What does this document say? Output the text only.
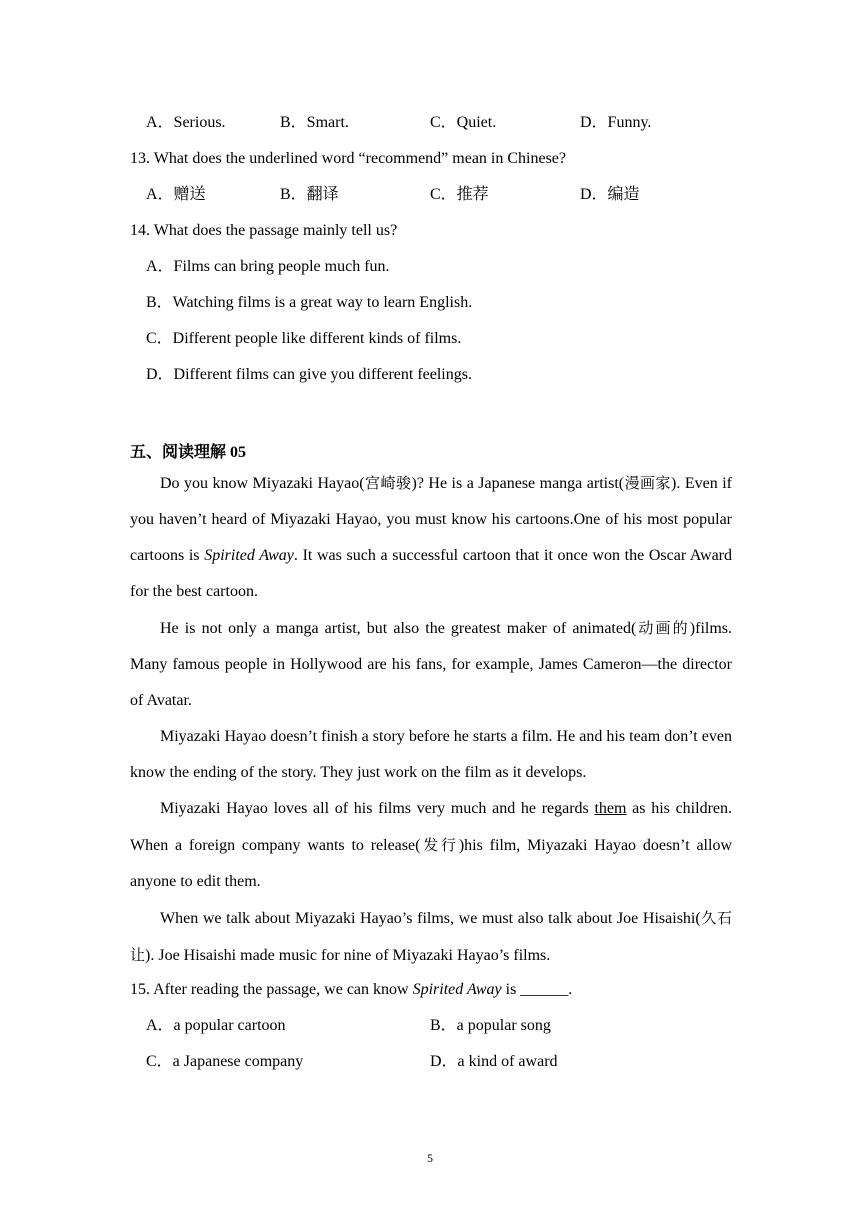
A．Serious.	B．Smart.	C．Quiet.	D．Funny.
13. What does the underlined word “recommend” mean in Chinese?
A．赠送	B．翻译	C．推荐	D．编造
14. What does the passage mainly tell us?
A．Films can bring people much fun.
B．Watching films is a great way to learn English.
C．Different people like different kinds of films.
D．Different films can give you different feelings.
五、阅读理解 05

Do you know Miyazaki Hayao(宫崎骏)? He is a Japanese manga artist(漫画家). Even if you haven’t heard of Miyazaki Hayao, you must know his cartoons.One of his most popular cartoons is Spirited Away. It was such a successful cartoon that it once won the Oscar Award for the best cartoon.

He is not only a manga artist, but also the greatest maker of animated(动画的)films. Many famous people in Hollywood are his fans, for example, James Cameron—the director of Avatar.

Miyazaki Hayao doesn’t finish a story before he starts a film. He and his team don’t even know the ending of the story. They just work on the film as it develops.

Miyazaki Hayao loves all of his films very much and he regards them as his children. When a foreign company wants to release(发行)his film, Miyazaki Hayao doesn’t allow anyone to edit them.

When we talk about Miyazaki Hayao’s films, we must also talk about Joe Hisaishi(久石让). Joe Hisaishi made music for nine of Miyazaki Hayao’s films.

15. After reading the passage, we can know Spirited Away is ______.
A．a popular cartoon	B．a popular song
C．a Japanese company	D．a kind of award
5
